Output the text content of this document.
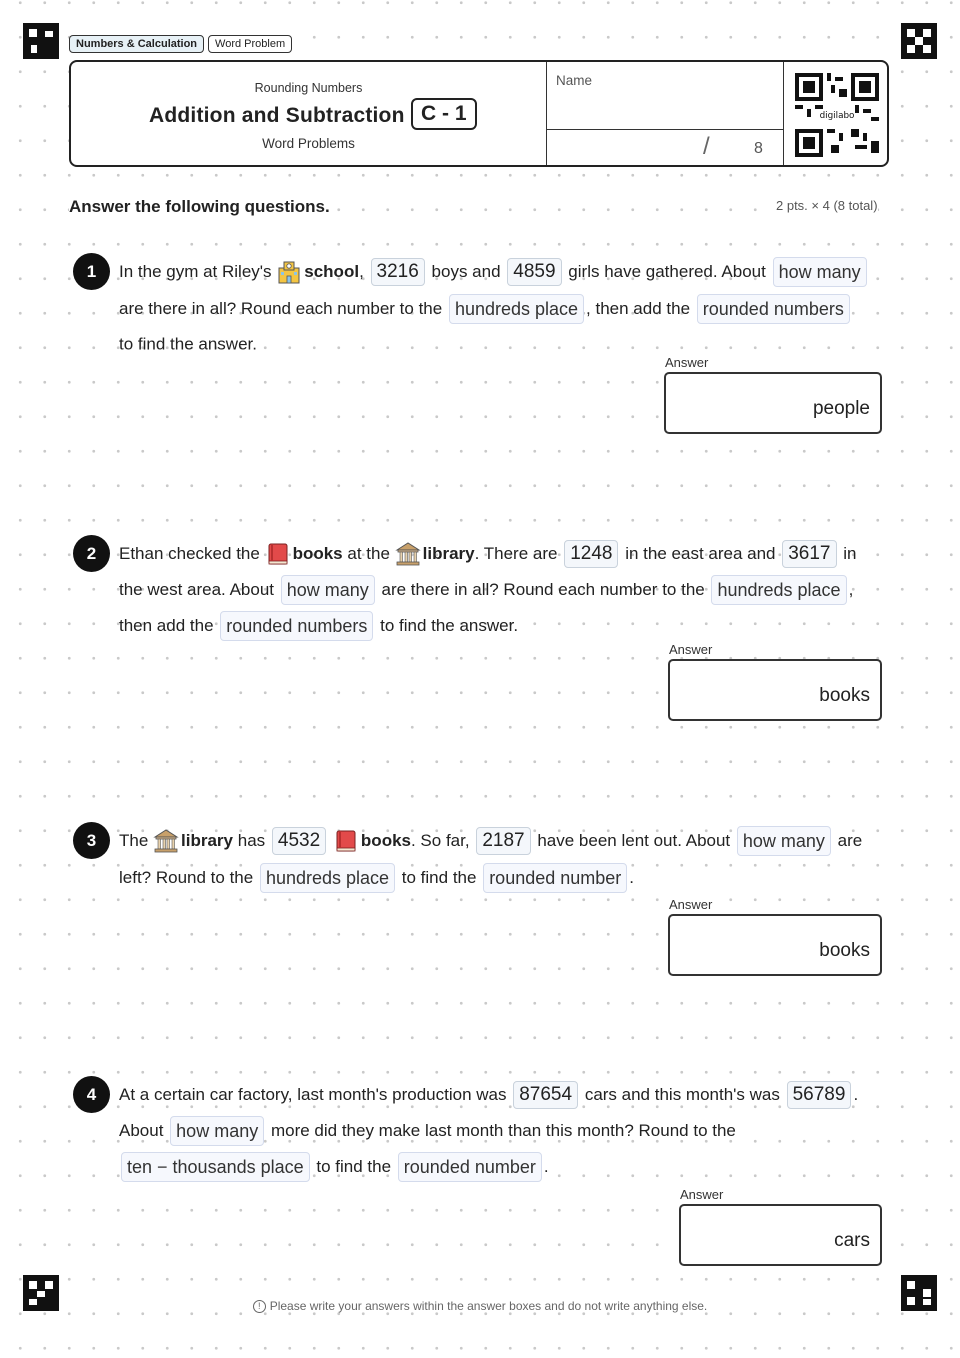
Numbers & Calculation	Word Problem
Rounding Numbers
Addition and Subtraction C - 1
Word Problems
Name
/	8
digilabo
Answer the following questions.	2 pts. × 4 (8 total)
1	In the gym at Riley's school, 3216 boys and 4859 girls have gathered. About how many
are there in all? Round each number to the hundreds place , then add the rounded numbers
to find the answer.
Answer
people
2	Ethan checked the books at the library. There are 1248 in the east area and 3617 in
the west area. About how many are there in all? Round each number to the hundreds place ,
then add the rounded numbers to find the answer.
Answer
books
3	The library has 4532 books. So far, 2187 have been lent out. About how many are
left? Round to the hundreds place to find the rounded number .
Answer
books
4	At a certain car factory, last month's production was 87654 cars and this month's was 56789 .
About how many more did they make last month than this month? Round to the
ten − thousands place to find the rounded number .
Answer
cars
! Please write your answers within the answer boxes and do not write anything else.
